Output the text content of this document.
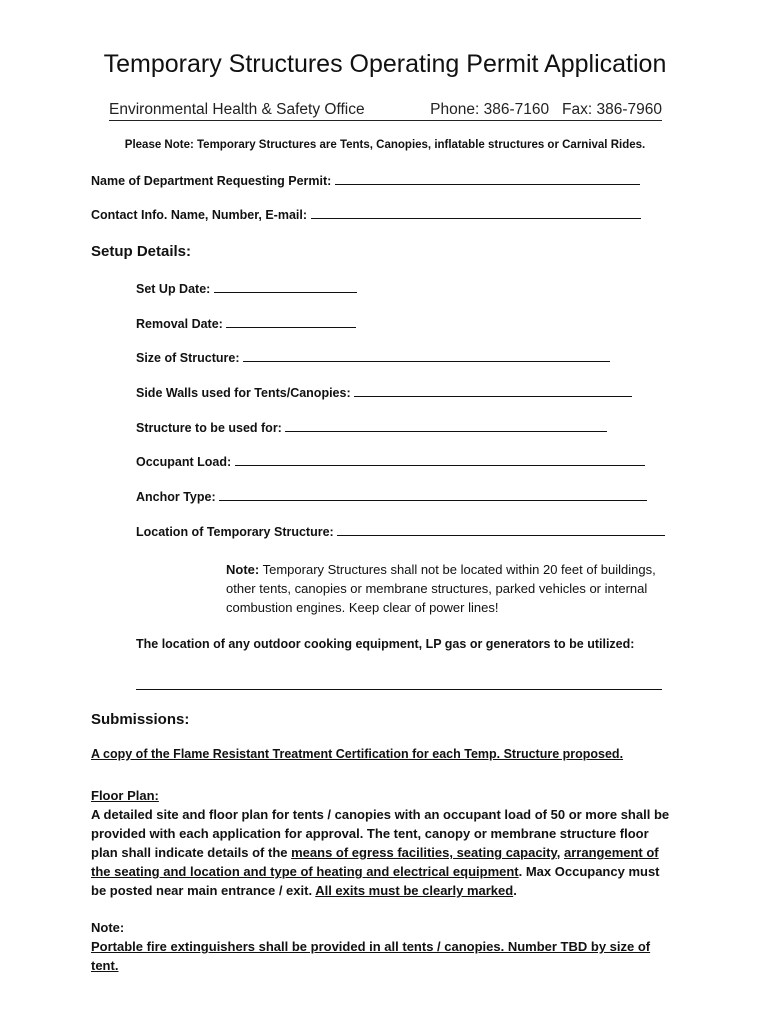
Temporary Structures Operating Permit Application
Environmental Health & Safety Office	Phone: 386-7160 Fax: 386-7960
Please Note: Temporary Structures are Tents, Canopies, inflatable structures or Carnival Rides.
Name of Department Requesting Permit:
Contact Info. Name, Number, E-mail:
Setup Details:
Set Up Date:
Removal Date:
Size of Structure:
Side Walls used for Tents/Canopies:
Structure to be used for:
Occupant Load:
Anchor Type:
Location of Temporary Structure:
Note: Temporary Structures shall not be located within 20 feet of buildings, other tents, canopies or membrane structures, parked vehicles or internal combustion engines. Keep clear of power lines!
The location of any outdoor cooking equipment, LP gas or generators to be utilized:
Submissions:
A copy of the Flame Resistant Treatment Certification for each Temp. Structure proposed.
Floor Plan:
A detailed site and floor plan for tents / canopies with an occupant load of 50 or more shall be provided with each application for approval. The tent, canopy or membrane structure floor plan shall indicate details of the means of egress facilities, seating capacity, arrangement of the seating and location and type of heating and electrical equipment. Max Occupancy must be posted near main entrance / exit. All exits must be clearly marked.
Note:
Portable fire extinguishers shall be provided in all tents / canopies. Number TBD by size of tent.
